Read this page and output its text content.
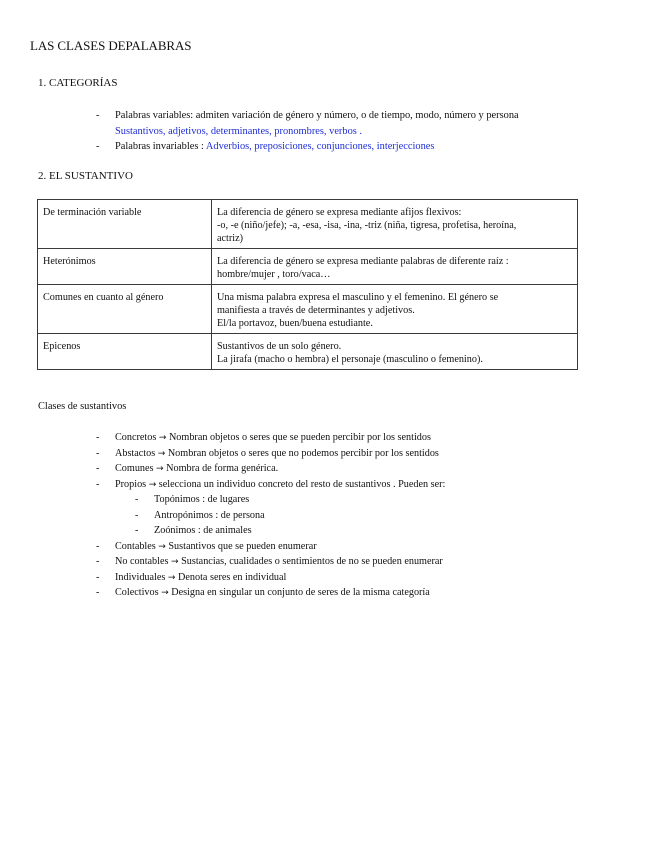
LAS CLASES DEPALABRAS
1. CATEGORÍAS
- Palabras variables: admiten variación de género y número, o de tiempo, modo, número y persona
Sustantivos, adjetivos, determinantes, pronombres, verbos .
- Palabras invariables : Adverbios, preposiciones, conjunciones, interjecciones
2. EL SUSTANTIVO
De terminación variable	La diferencia de género se expresa mediante afijos flexivos:
-o, -e (niño/jefe); -a, -esa, -isa, -ina, -triz (niña, tigresa, profetisa, heroína,
actriz)

Heterónimos	La diferencia de género se expresa mediante palabras de diferente raíz :
hombre/mujer , toro/vaca…

Comunes en cuanto al género	Una misma palabra expresa el masculino y el femenino. El género se
manifiesta a través de determinantes y adjetivos.
El/la portavoz, buen/buena estudiante.

Epicenos	Sustantivos de un solo género.
La jirafa (macho o hembra) el personaje (masculino o femenino).
Clases de sustantivos
- Concretos → Nombran objetos o seres que se pueden percibir por los sentidos
- Abstactos → Nombran objetos o seres que no podemos percibir por los sentidos
- Comunes → Nombra de forma genérica.
- Propios → selecciona un individuo concreto del resto de sustantivos . Pueden ser:
- Topónimos : de lugares
- Antropónimos : de persona
- Zoónimos : de animales
- Contables → Sustantivos que se pueden enumerar
- No contables → Sustancias, cualidades o sentimientos de no se pueden enumerar
- Individuales → Denota seres en individual
- Colectivos → Designa en singular un conjunto de seres de la misma categoría
